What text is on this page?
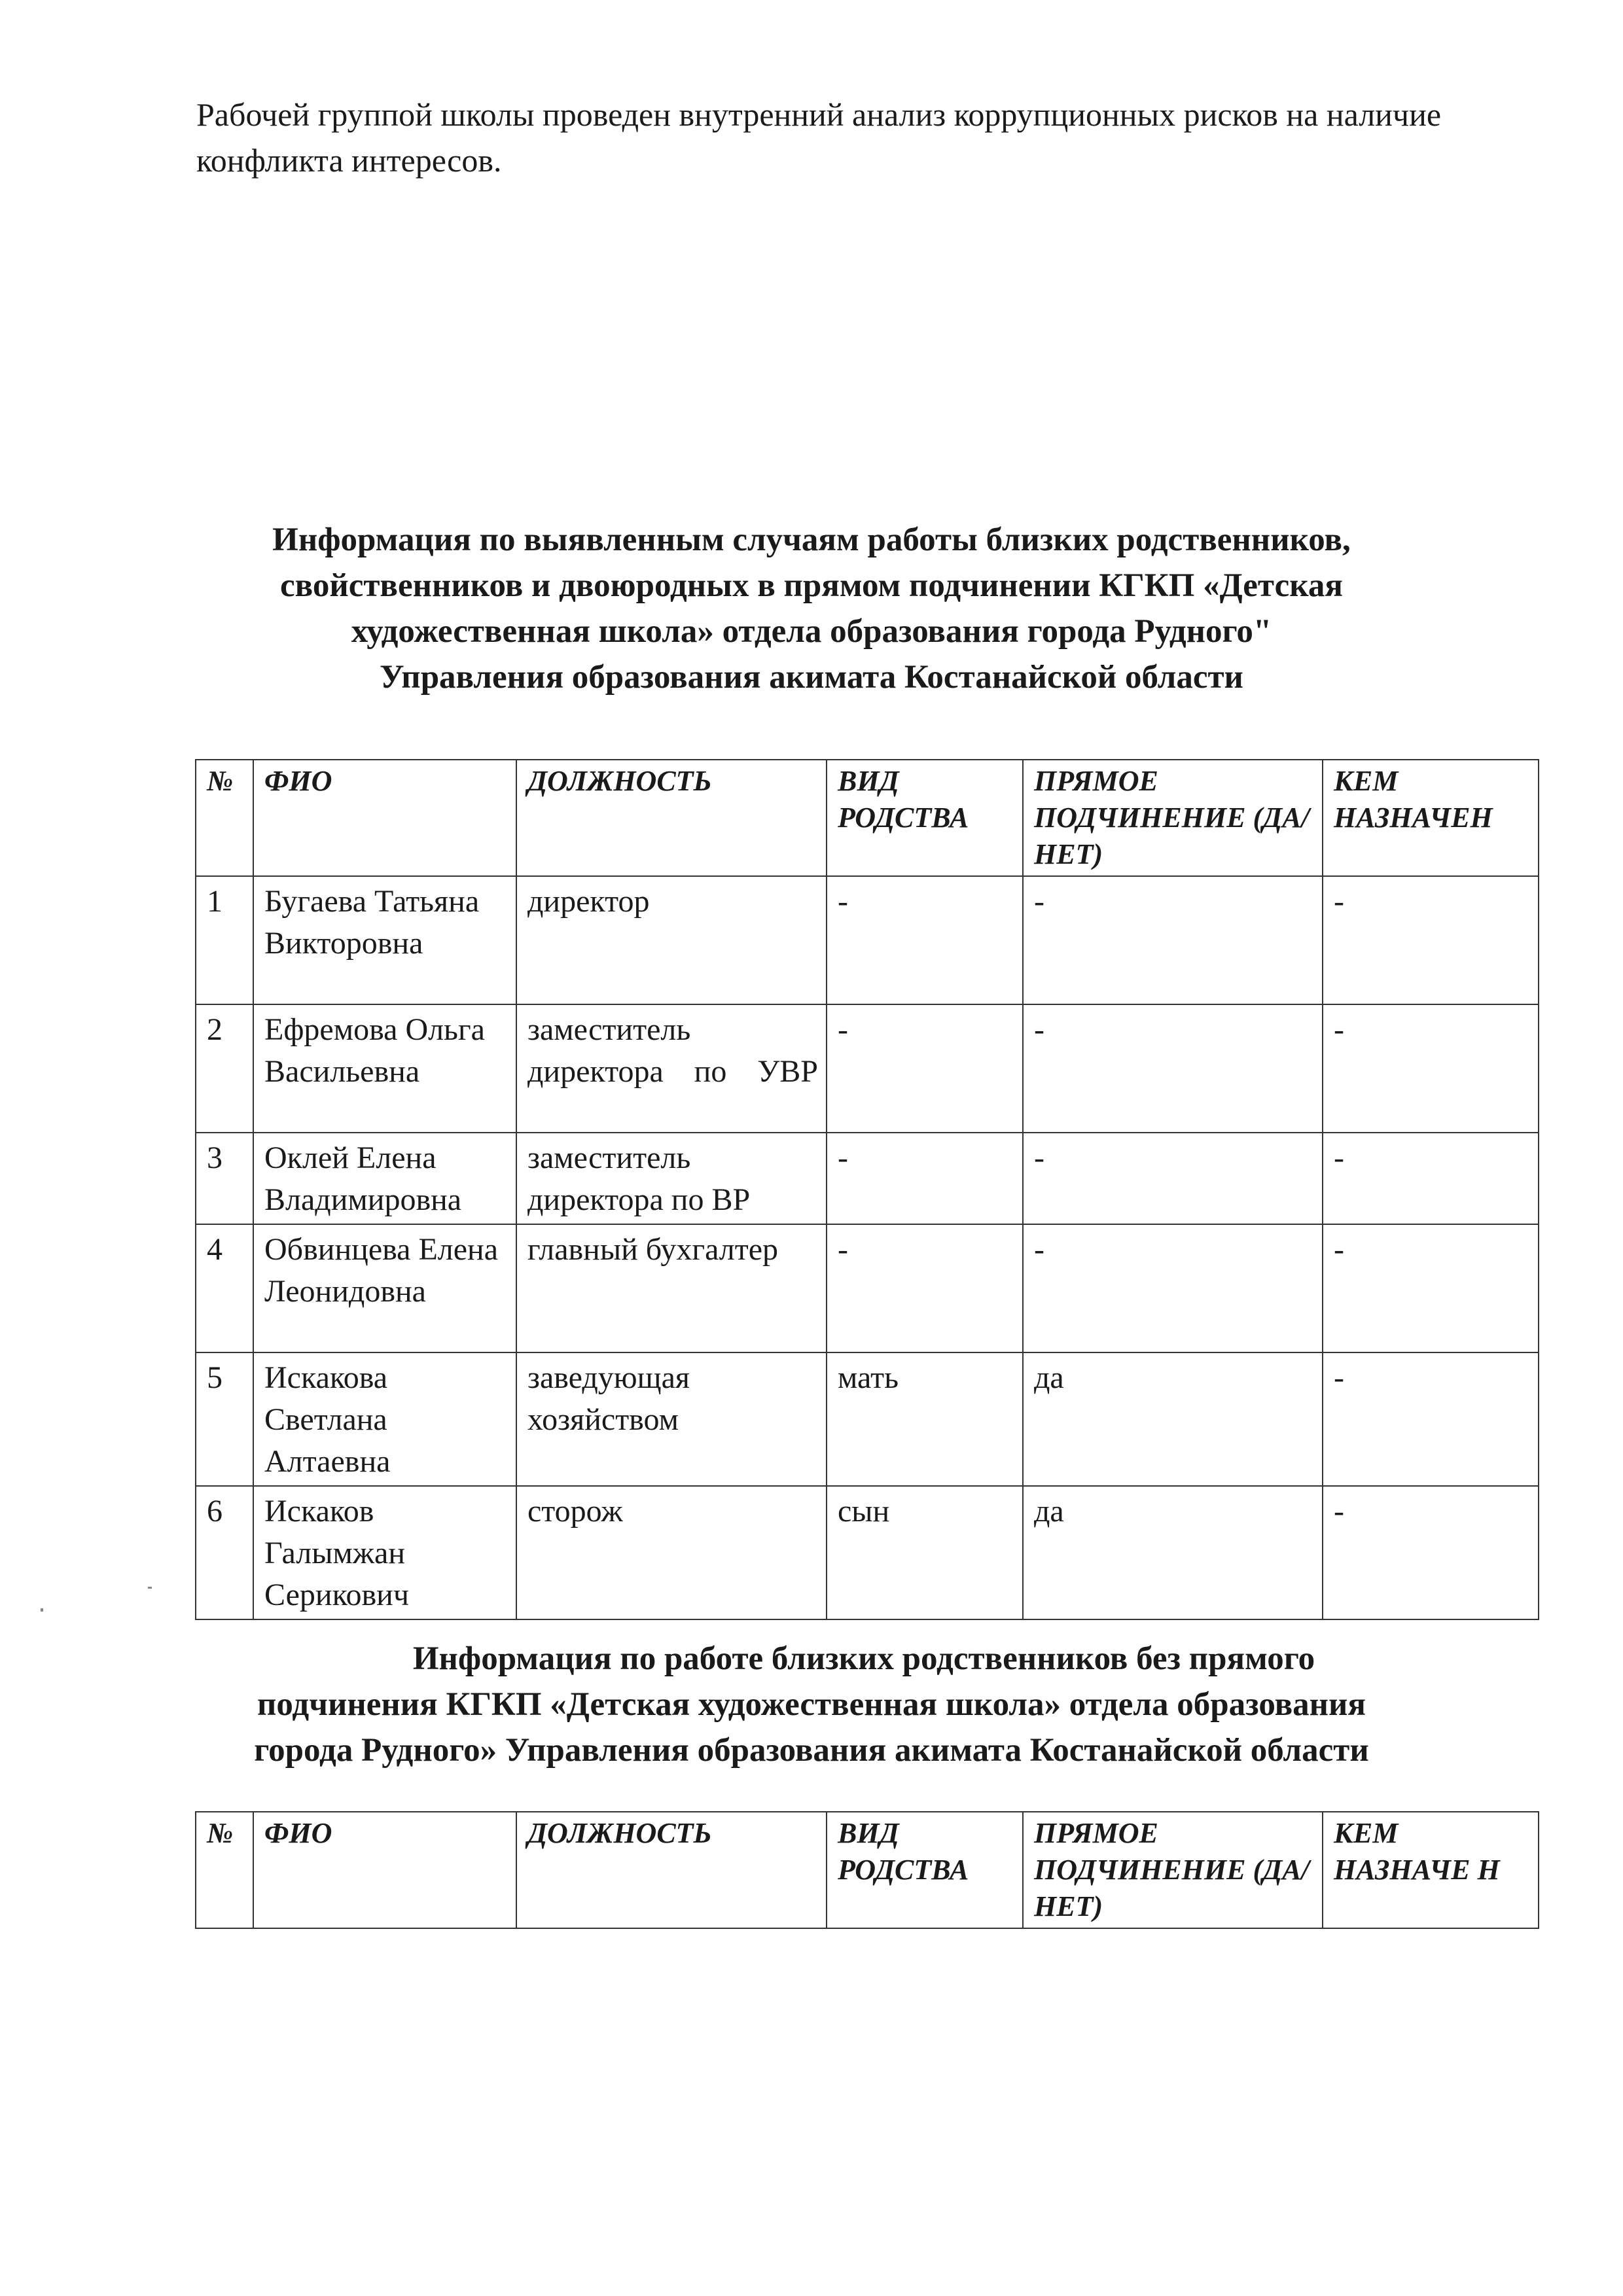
Рабочей группой школы проведен внутренний анализ коррупционных рисков на наличие конфликта интересов.
Информация по выявленным случаям работы близких родственников,
свойственников и двоюродных в прямом подчинении КГКП «Детская
художественная школа» отдела образования города Рудного"
Управления образования акимата Костанайской области
№	ФИО	ДОЛЖНОСТЬ	ВИД РОДСТВА	ПРЯМОЕ ПОДЧИНЕНИЕ (ДА/НЕТ)	КЕМ НАЗНАЧЕН
1	Бугаева Татьяна Викторовна	директор	-	-	-
2	Ефремова Ольга Васильевна	заместитель директора по УВР	-	-	-
3	Оклей Елена Владимировна	заместитель директора по ВР	-	-	-
4	Обвинцева Елена Леонидовна	главный бухгалтер	-	-	-
5	Искакова Светлана Алтаевна	заведующая хозяйством	мать	да	-
6	Искаков Галымжан Серикович	сторож	сын	да	-
Информация по работе близких родственников без прямого
подчинения КГКП «Детская художественная школа» отдела образования
города Рудного» Управления образования акимата Костанайской области
№	ФИО	ДОЛЖНОСТЬ	ВИД РОДСТВА	ПРЯМОЕ ПОДЧИНЕНИЕ (ДА/НЕТ)	КЕМ НАЗНАЧЕ Н
